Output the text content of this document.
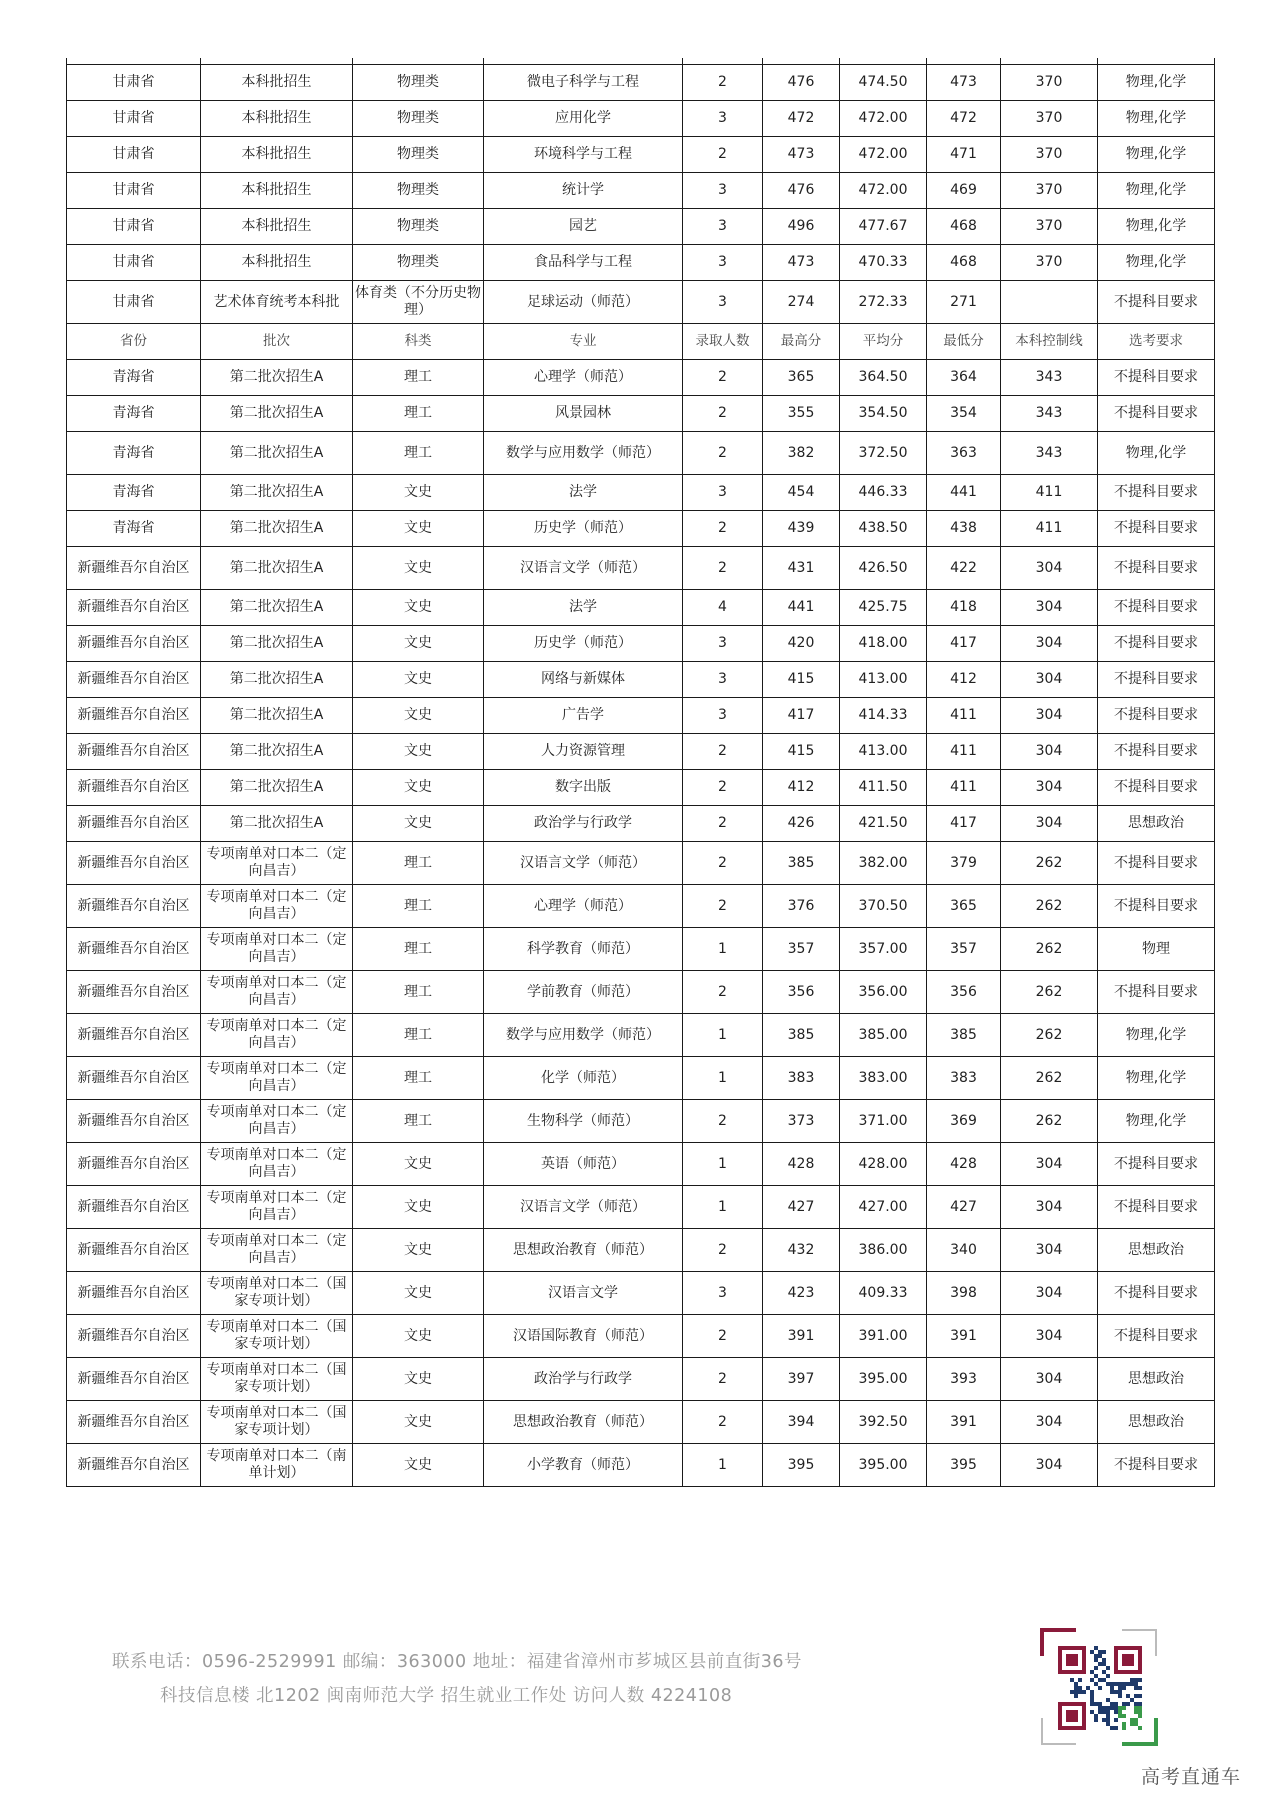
甘肃省	本科批招生	物理类	微电子科学与工程	2	476	474.50	473	370	物理,化学
甘肃省	本科批招生	物理类	应用化学	3	472	472.00	472	370	物理,化学
甘肃省	本科批招生	物理类	环境科学与工程	2	473	472.00	471	370	物理,化学
甘肃省	本科批招生	物理类	统计学	3	476	472.00	469	370	物理,化学
甘肃省	本科批招生	物理类	园艺	3	496	477.67	468	370	物理,化学
甘肃省	本科批招生	物理类	食品科学与工程	3	473	470.33	468	370	物理,化学
甘肃省	艺术体育统考本科批	体育类（不分历史物理）	足球运动（师范）	3	274	272.33	271		不提科目要求
省份	批次	科类	专业	录取人数	最高分	平均分	最低分	本科控制线	选考要求
青海省	第二批次招生A	理工	心理学（师范）	2	365	364.50	364	343	不提科目要求
青海省	第二批次招生A	理工	风景园林	2	355	354.50	354	343	不提科目要求
青海省	第二批次招生A	理工	数学与应用数学（师范）	2	382	372.50	363	343	物理,化学
青海省	第二批次招生A	文史	法学	3	454	446.33	441	411	不提科目要求
青海省	第二批次招生A	文史	历史学（师范）	2	439	438.50	438	411	不提科目要求
新疆维吾尔自治区	第二批次招生A	文史	汉语言文学（师范）	2	431	426.50	422	304	不提科目要求
新疆维吾尔自治区	第二批次招生A	文史	法学	4	441	425.75	418	304	不提科目要求
新疆维吾尔自治区	第二批次招生A	文史	历史学（师范）	3	420	418.00	417	304	不提科目要求
新疆维吾尔自治区	第二批次招生A	文史	网络与新媒体	3	415	413.00	412	304	不提科目要求
新疆维吾尔自治区	第二批次招生A	文史	广告学	3	417	414.33	411	304	不提科目要求
新疆维吾尔自治区	第二批次招生A	文史	人力资源管理	2	415	413.00	411	304	不提科目要求
新疆维吾尔自治区	第二批次招生A	文史	数字出版	2	412	411.50	411	304	不提科目要求
新疆维吾尔自治区	第二批次招生A	文史	政治学与行政学	2	426	421.50	417	304	思想政治
新疆维吾尔自治区	专项南单对口本二（定向昌吉）	理工	汉语言文学（师范）	2	385	382.00	379	262	不提科目要求
新疆维吾尔自治区	专项南单对口本二（定向昌吉）	理工	心理学（师范）	2	376	370.50	365	262	不提科目要求
新疆维吾尔自治区	专项南单对口本二（定向昌吉）	理工	科学教育（师范）	1	357	357.00	357	262	物理
新疆维吾尔自治区	专项南单对口本二（定向昌吉）	理工	学前教育（师范）	2	356	356.00	356	262	不提科目要求
新疆维吾尔自治区	专项南单对口本二（定向昌吉）	理工	数学与应用数学（师范）	1	385	385.00	385	262	物理,化学
新疆维吾尔自治区	专项南单对口本二（定向昌吉）	理工	化学（师范）	1	383	383.00	383	262	物理,化学
新疆维吾尔自治区	专项南单对口本二（定向昌吉）	理工	生物科学（师范）	2	373	371.00	369	262	物理,化学
新疆维吾尔自治区	专项南单对口本二（定向昌吉）	文史	英语（师范）	1	428	428.00	428	304	不提科目要求
新疆维吾尔自治区	专项南单对口本二（定向昌吉）	文史	汉语言文学（师范）	1	427	427.00	427	304	不提科目要求
新疆维吾尔自治区	专项南单对口本二（定向昌吉）	文史	思想政治教育（师范）	2	432	386.00	340	304	思想政治
新疆维吾尔自治区	专项南单对口本二（国家专项计划）	文史	汉语言文学	3	423	409.33	398	304	不提科目要求
新疆维吾尔自治区	专项南单对口本二（国家专项计划）	文史	汉语国际教育（师范）	2	391	391.00	391	304	不提科目要求
新疆维吾尔自治区	专项南单对口本二（国家专项计划）	文史	政治学与行政学	2	397	395.00	393	304	思想政治
新疆维吾尔自治区	专项南单对口本二（国家专项计划）	文史	思想政治教育（师范）	2	394	392.50	391	304	思想政治
新疆维吾尔自治区	专项南单对口本二（南单计划）	文史	小学教育（师范）	1	395	395.00	395	304	不提科目要求
联系电话：0596-2529991 邮编：363000 地址：福建省漳州市芗城区县前直街36号
科技信息楼 北1202 闽南师范大学 招生就业工作处 访问人数 4224108
高考直通车
